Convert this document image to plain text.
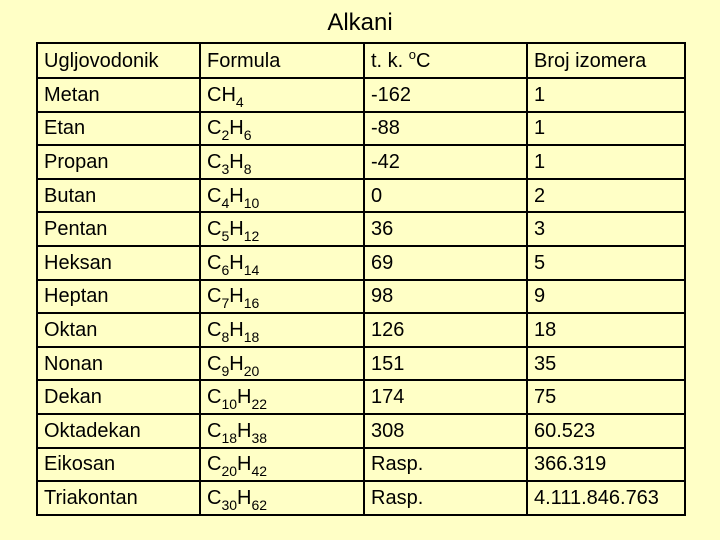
Alkani
Ugljovodonik	Formula	t. k. $^o$C	Broj izomera
Metan	$CH_4$	-162	1
Etan	$C_2H_6$	-88	1
Propan	$C_3H_8$	-42	1
Butan	$C_4H_{10}$	0	2
Pentan	$C_5H_{12}$	36	3
Heksan	$C_6H_{14}$	69	5
Heptan	$C_7H_{16}$	98	9
Oktan	$C_8H_{18}$	126	18
Nonan	$C_9H_{20}$	151	35
Dekan	$C_{10}H_{22}$	174	75
Oktadekan	$C_{18}H_{38}$	308	60.523
Eikosan	$C_{20}H_{42}$	Rasp.	366.319
Triakontan	$C_{30}H_{62}$	Rasp.	4.111.846.763
